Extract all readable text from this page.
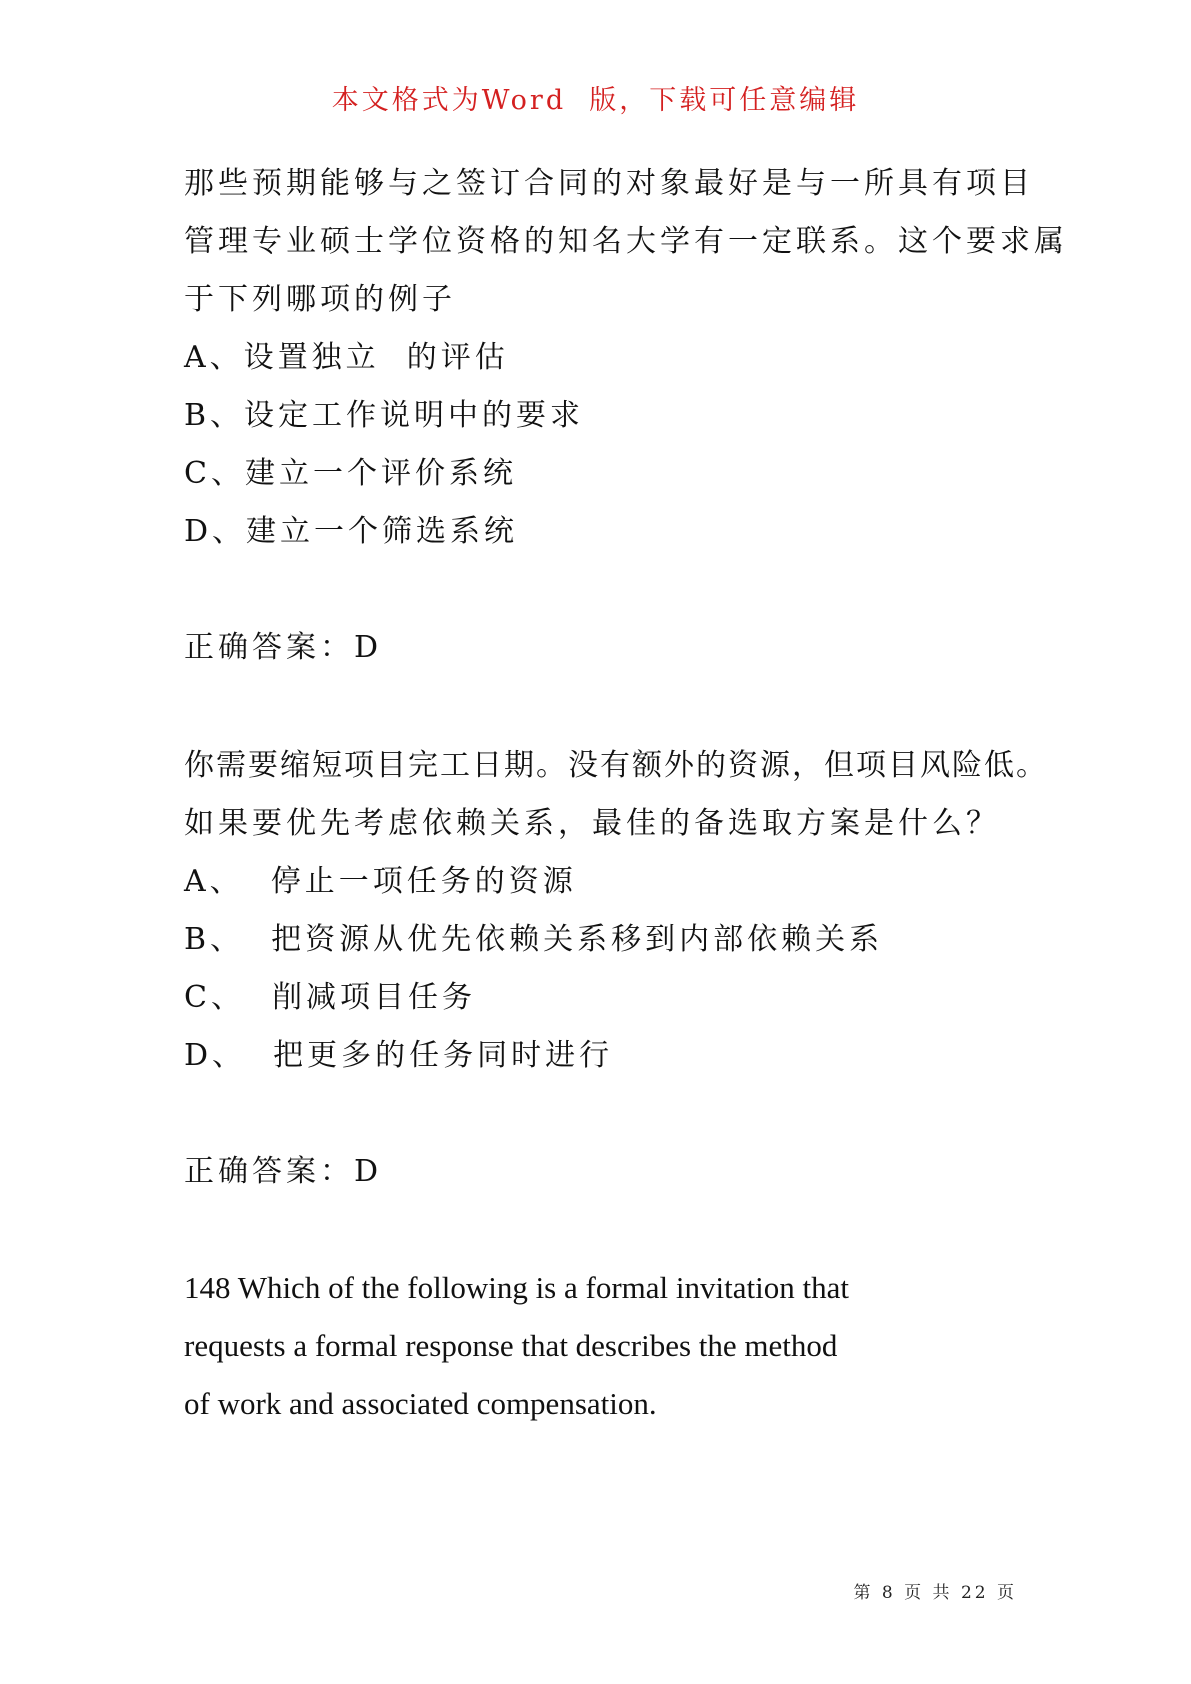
本文格式为Word  版，下载可任意编辑
那些预期能够与之签订合同的对象最好是与一所具有项目
管理专业硕士学位资格的知名大学有一定联系。这个要求属
于下列哪项的例子
A、设置独立  的评估
B、设定工作说明中的要求
C、建立一个评价系统
D、建立一个筛选系统
正确答案：D
你需要缩短项目完工日期。没有额外的资源，但项目风险低。
如果要优先考虑依赖关系，最佳的备选取方案是什么？
A、  停止一项任务的资源
B、  把资源从优先依赖关系移到内部依赖关系
C、  削减项目任务
D、  把更多的任务同时进行
正确答案：D
148 Which of the following is a formal invitation that
requests a formal response that describes the method
of work and associated compensation.
第 8 页 共 22 页
